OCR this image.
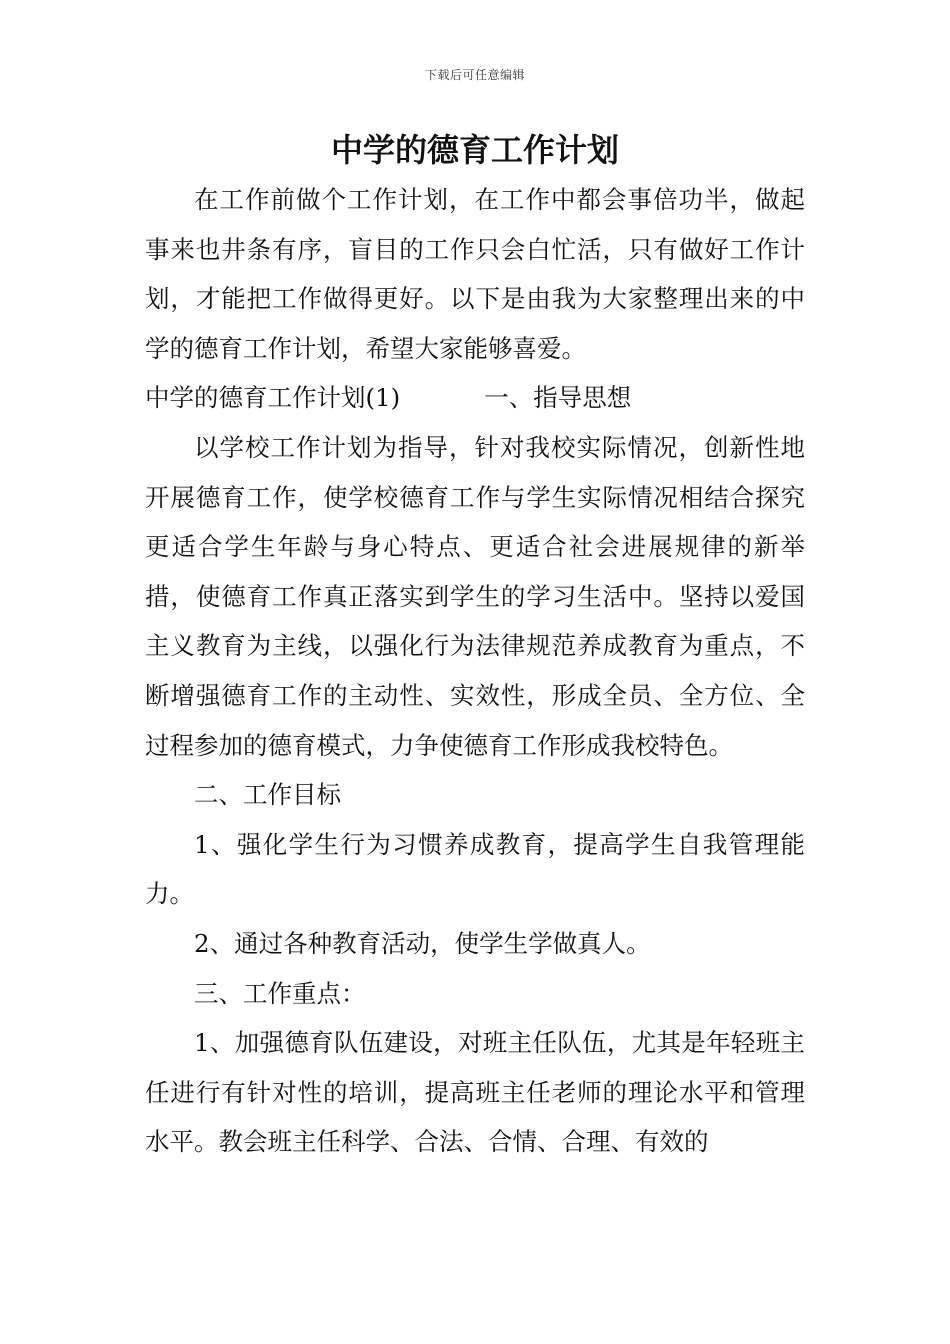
下载后可任意编辑
中学的德育工作计划

在工作前做个工作计划，在工作中都会事倍功半，做起事来也井条有序，盲目的工作只会白忙活，只有做好工作计划，才能把工作做得更好。以下是由我为大家整理出来的中学的德育工作计划，希望大家能够喜爱。

中学的德育工作计划(1)	一、指导思想

以学校工作计划为指导，针对我校实际情况，创新性地开展德育工作，使学校德育工作与学生实际情况相结合探究更适合学生年龄与身心特点、更适合社会进展规律的新举措，使德育工作真正落实到学生的学习生活中。坚持以爱国主义教育为主线，以强化行为法律规范养成教育为重点，不断增强德育工作的主动性、实效性，形成全员、全方位、全过程参加的德育模式，力争使德育工作形成我校特色。

二、工作目标

1、强化学生行为习惯养成教育，提高学生自我管理能力。

2、通过各种教育活动，使学生学做真人。

三、工作重点：

1、加强德育队伍建设，对班主任队伍，尤其是年轻班主任进行有针对性的培训，提高班主任老师的理论水平和管理水平。教会班主任科学、合法、合情、合理、有效的
